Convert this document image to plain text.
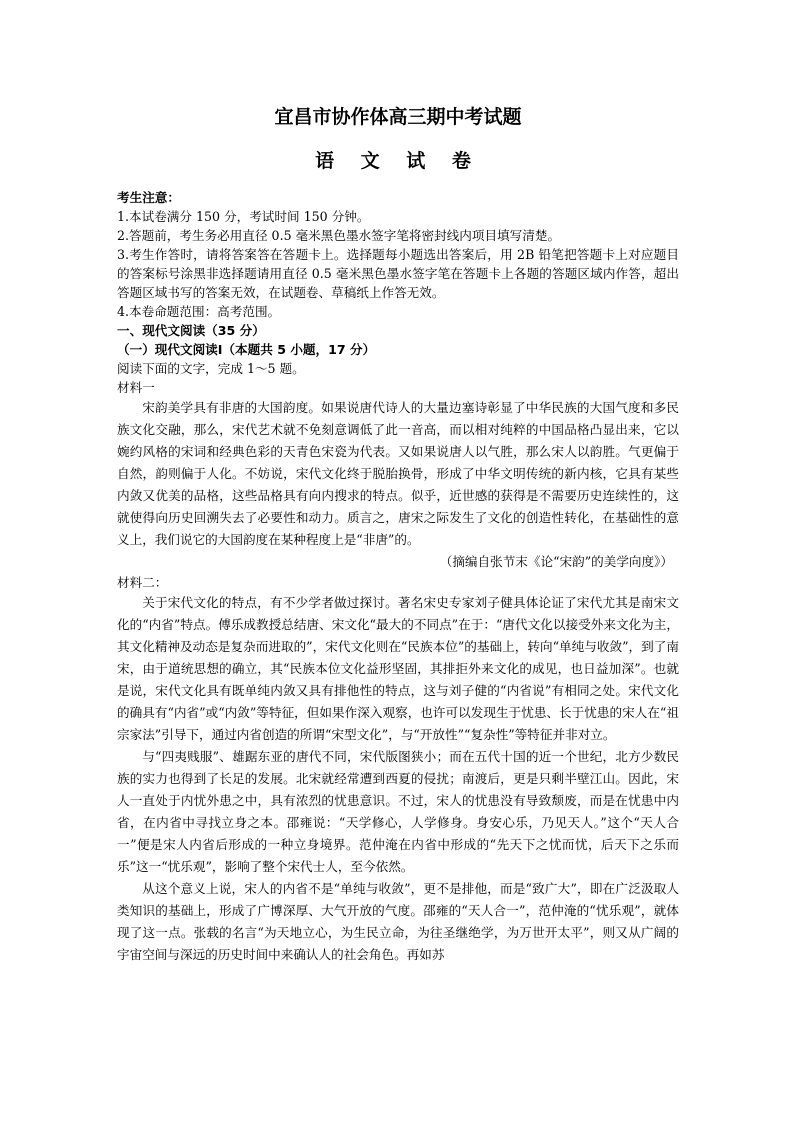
宜昌市协作体高三期中考试题
语 文 试 卷

考生注意：

1.本试卷满分 150 分，考试时间 150 分钟。

2.答题前，考生务必用直径 0.5 毫米黑色墨水签字笔将密封线内项目填写清楚。

3.考生作答时，请将答案答在答题卡上。选择题每小题选出答案后，用 2B 铅笔把答题卡上对应题目的答案标号涂黑非选择题请用直径 0.5 毫米黑色墨水签字笔在答题卡上各题的答题区域内作答，超出答题区域书写的答案无效，在试题卷、草稿纸上作答无效。

4.本卷命题范围：高考范围。

一、现代文阅读（35 分）

（一）现代文阅读Ⅰ（本题共 5 小题，17 分）

阅读下面的文字，完成 1～5 题。

材料一

宋韵美学具有非唐的大国韵度。如果说唐代诗人的大量边塞诗彰显了中华民族的大国气度和多民族文化交融，那么，宋代艺术就不免刻意调低了此一音高，而以相对纯粹的中国品格凸显出来，它以婉约风格的宋词和经典色彩的天青色宋瓷为代表。又如果说唐人以气胜，那么宋人以韵胜。气更偏于自然，韵则偏于人化。不妨说，宋代文化终于脱胎换骨，形成了中华文明传统的新内核，它具有某些内敛又优美的品格，这些品格具有向内搜求的特点。似乎，近世感的获得是不需要历史连续性的，这就使得向历史回溯失去了必要性和动力。质言之，唐宋之际发生了文化的创造性转化，在基础性的意义上，我们说它的大国韵度在某种程度上是“非唐”的。

（摘编自张节末《论“宋韵”的美学向度》）

材料二：

关于宋代文化的特点，有不少学者做过探讨。著名宋史专家刘子健具体论证了宋代尤其是南宋文化的“内省”特点。傅乐成教授总结唐、宋文化“最大的不同点”在于：“唐代文化以接受外来文化为主，其文化精神及动态是复杂而进取的”，宋代文化则在“民族本位”的基础上，转向“单纯与收敛”，到了南宋，由于道统思想的确立，其“民族本位文化益形坚固，其排拒外来文化的成见，也日益加深”。也就是说，宋代文化具有既单纯内敛又具有排他性的特点，这与刘子健的“内省说”有相同之处。宋代文化的确具有“内省”或“内敛”等特征，但如果作深入观察，也许可以发现生于忧患、长于忧患的宋人在“祖宗家法”引导下，通过内省创造的所谓“宋型文化”，与“开放性”“复杂性”等特征并非对立。

与“四夷贱服”、雄踞东亚的唐代不同，宋代版图狭小；而在五代十国的近一个世纪，北方少数民族的实力也得到了长足的发展。北宋就经常遭到西夏的侵扰；南渡后，更是只剩半壁江山。因此，宋人一直处于内忧外患之中，具有浓烈的忧患意识。不过，宋人的忧患没有导致颓废，而是在忧患中内省，在内省中寻找立身之本。邵雍说：“天学修心，人学修身。身安心乐，乃见天人。”这个“天人合一”便是宋人内省后形成的一种立身境界。范仲淹在内省中形成的“先天下之忧而忧，后天下之乐而乐”这一“忧乐观”，影响了整个宋代士人，至今依然。

从这个意义上说，宋人的内省不是“单纯与收敛”，更不是排他，而是“致广大”，即在广泛汲取人类知识的基础上，形成了广博深厚、大气开放的气度。邵雍的“天人合一”，范仲淹的“忧乐观”，就体现了这一点。张载的名言“为天地立心，为生民立命，为往圣继绝学，为万世开太平”，则又从广阔的宇宙空间与深远的历史时间中来确认人的社会角色。再如苏
